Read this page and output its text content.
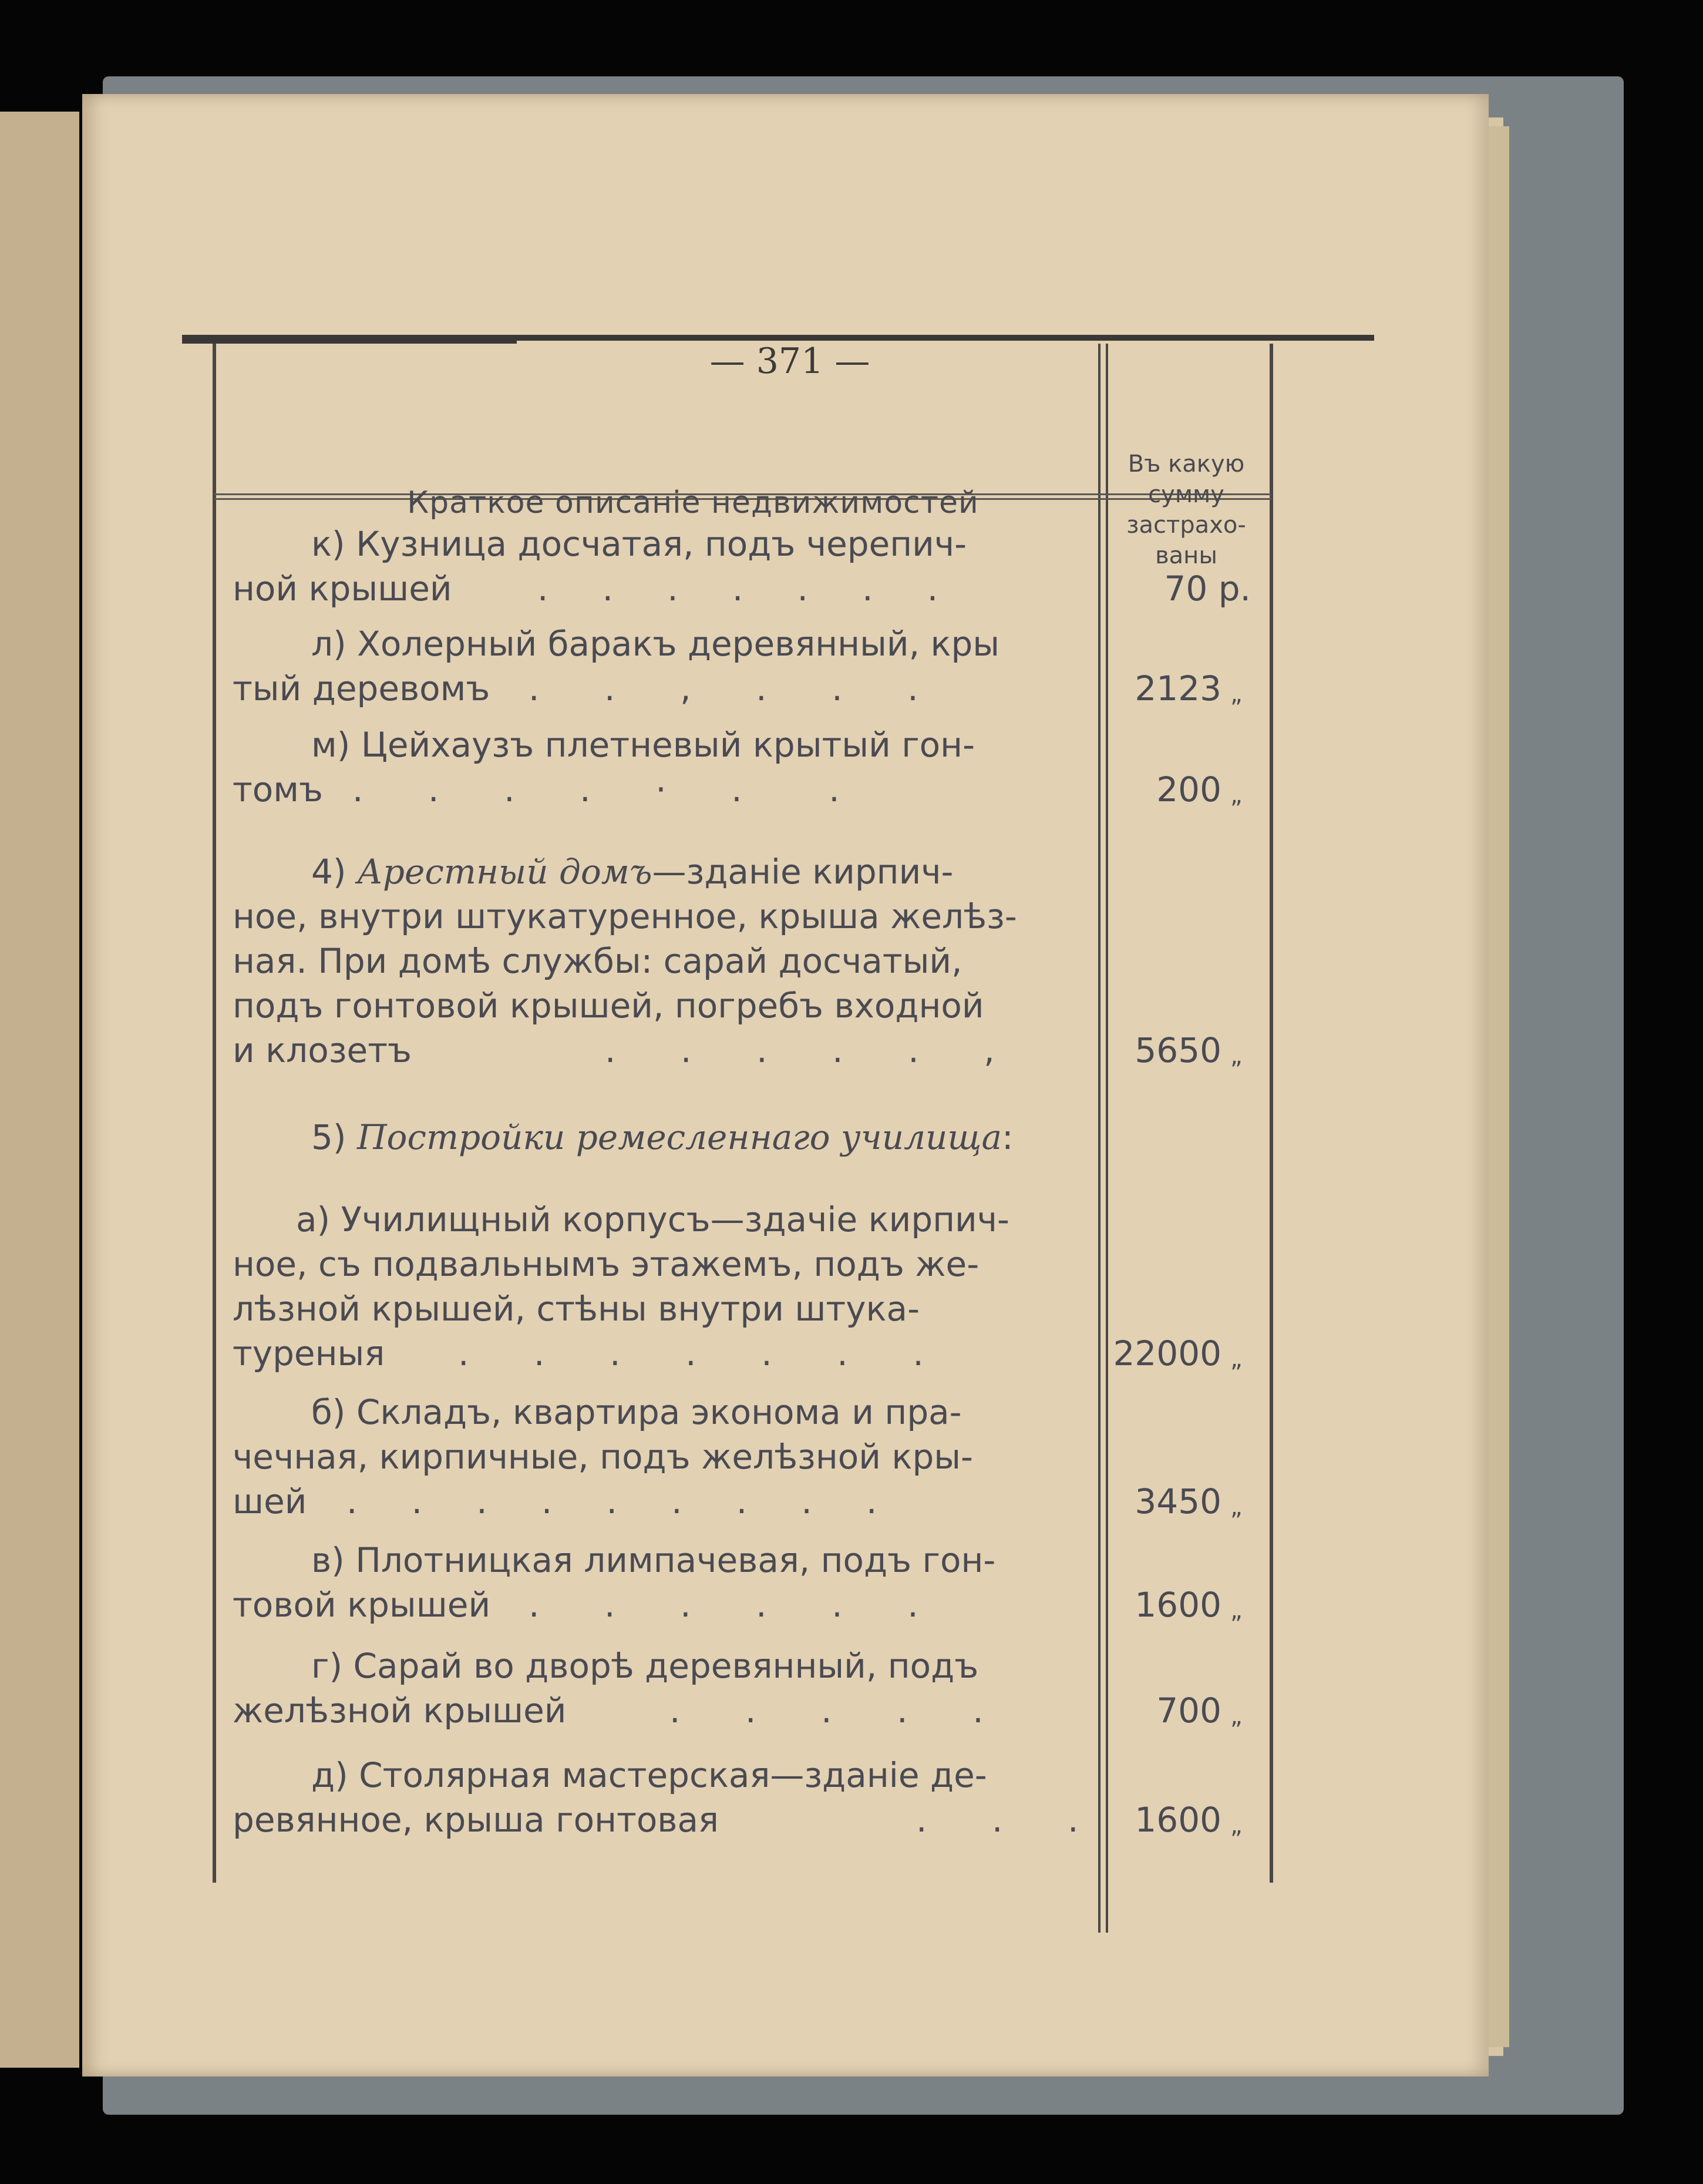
— 371 —
Краткое описанiе недвижимостей
Въ какую
сумму
застрахо-
ваны
к) Кузница досчатая, подъ черепич-
ной крышей	.     .     .     .     .     .     .	70 р.
л) Холерный баракъ деревянный, кры
тый деревомъ .      .      ,      .      .      .	2123 „
м) Цейхаузъ плетневый крытый гон-
томъ .      .      .      .      ·      .        .	200 „
4) Арестный домъ—зданiе кирпич-
ное, внутри штукатуренное, крыша желѣз-
ная. При домѣ службы: сарай досчатый,
подъ гонтовой крышей, погребъ входной
и клозетъ	.      .      .      .      .      ,	5650 „
5) Постройки ремесленнаго училища:
а) Училищный корпусъ—здачiе кирпич-
ное, съ подвальнымъ этажемъ, подъ же-
лѣзной крышей, стѣны внутри штука-
туреныя .      .      .      .      .      .      .	22000 „
б) Складъ, квартира экономa и пра-
чечная, кирпичные, подъ желѣзной кры-
шей .     .     .     .     .     .     .     .     .	3450 „
в) Плотницкая лимпачевая, подъ гон-
товой крышей .      .      .      .      .      .	1600 „
г) Сарай во дворѣ деревянный, подъ
желѣзной крышей	.      .      .      .      .	700 „
д) Столярная мастерская—зданiе де-
ревянное, крыша гонтовая	.      .      .	1600 „
